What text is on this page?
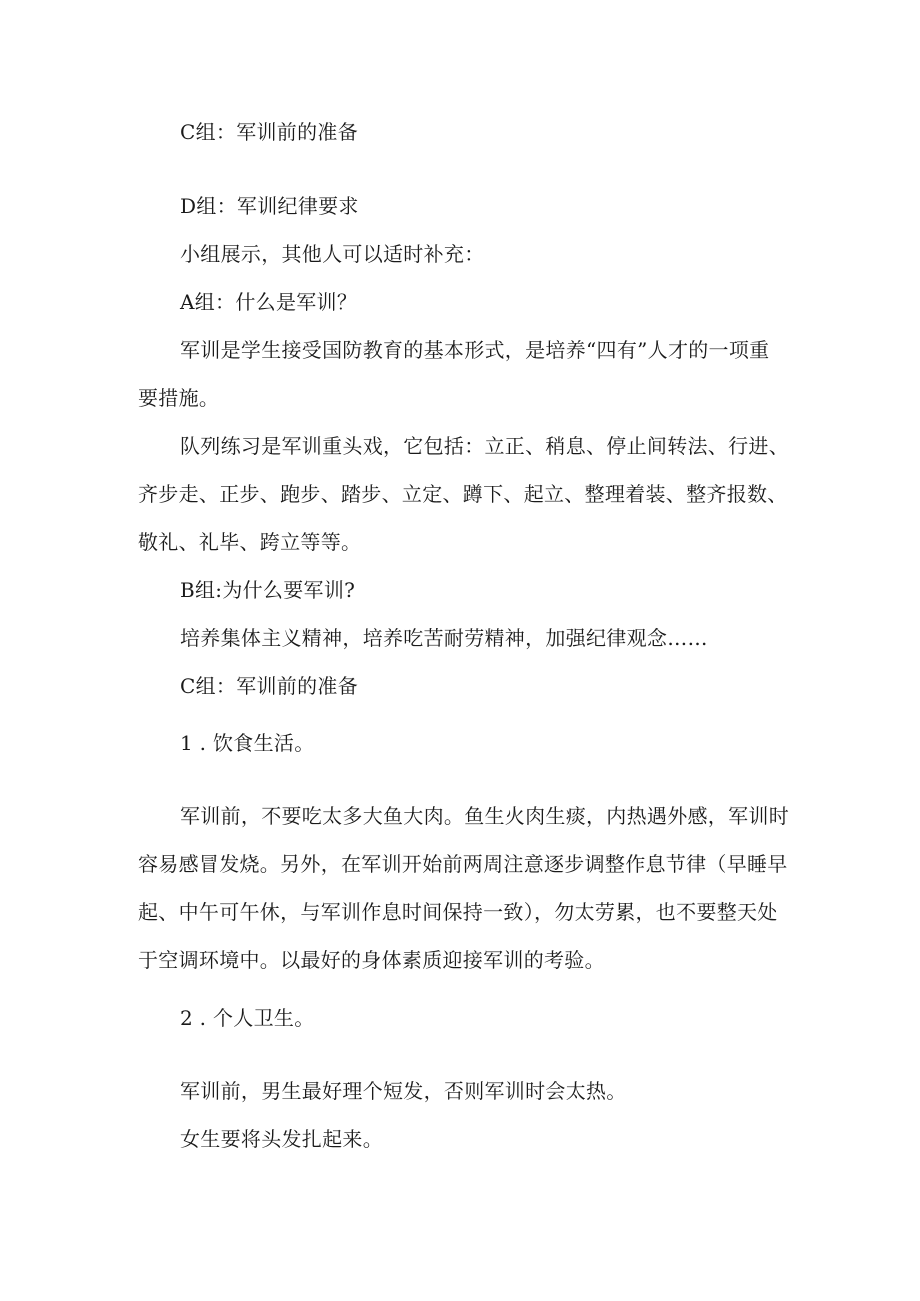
C组：军训前的准备
D组：军训纪律要求
小组展示，其他人可以适时补充：
A组：什么是军训？
军训是学生接受国防教育的基本形式，是培养“四有”人才的一项重
要措施。
队列练习是军训重头戏，它包括：立正、稍息、停止间转法、行进、
齐步走、正步、跑步、踏步、立定、蹲下、起立、整理着装、整齐报数、
敬礼、礼毕、跨立等等。
B组:为什么要军训?
培养集体主义精神，培养吃苦耐劳精神，加强纪律观念……
C组：军训前的准备
1 . 饮食生活。
军训前，不要吃太多大鱼大肉。鱼生火肉生痰，内热遇外感，军训时
容易感冒发烧。另外，在军训开始前两周注意逐步调整作息节律（早睡早
起、中午可午休，与军训作息时间保持一致），勿太劳累，也不要整天处
于空调环境中。以最好的身体素质迎接军训的考验。
2 . 个人卫生。
军训前，男生最好理个短发，否则军训时会太热。
女生要将头发扎起来。
